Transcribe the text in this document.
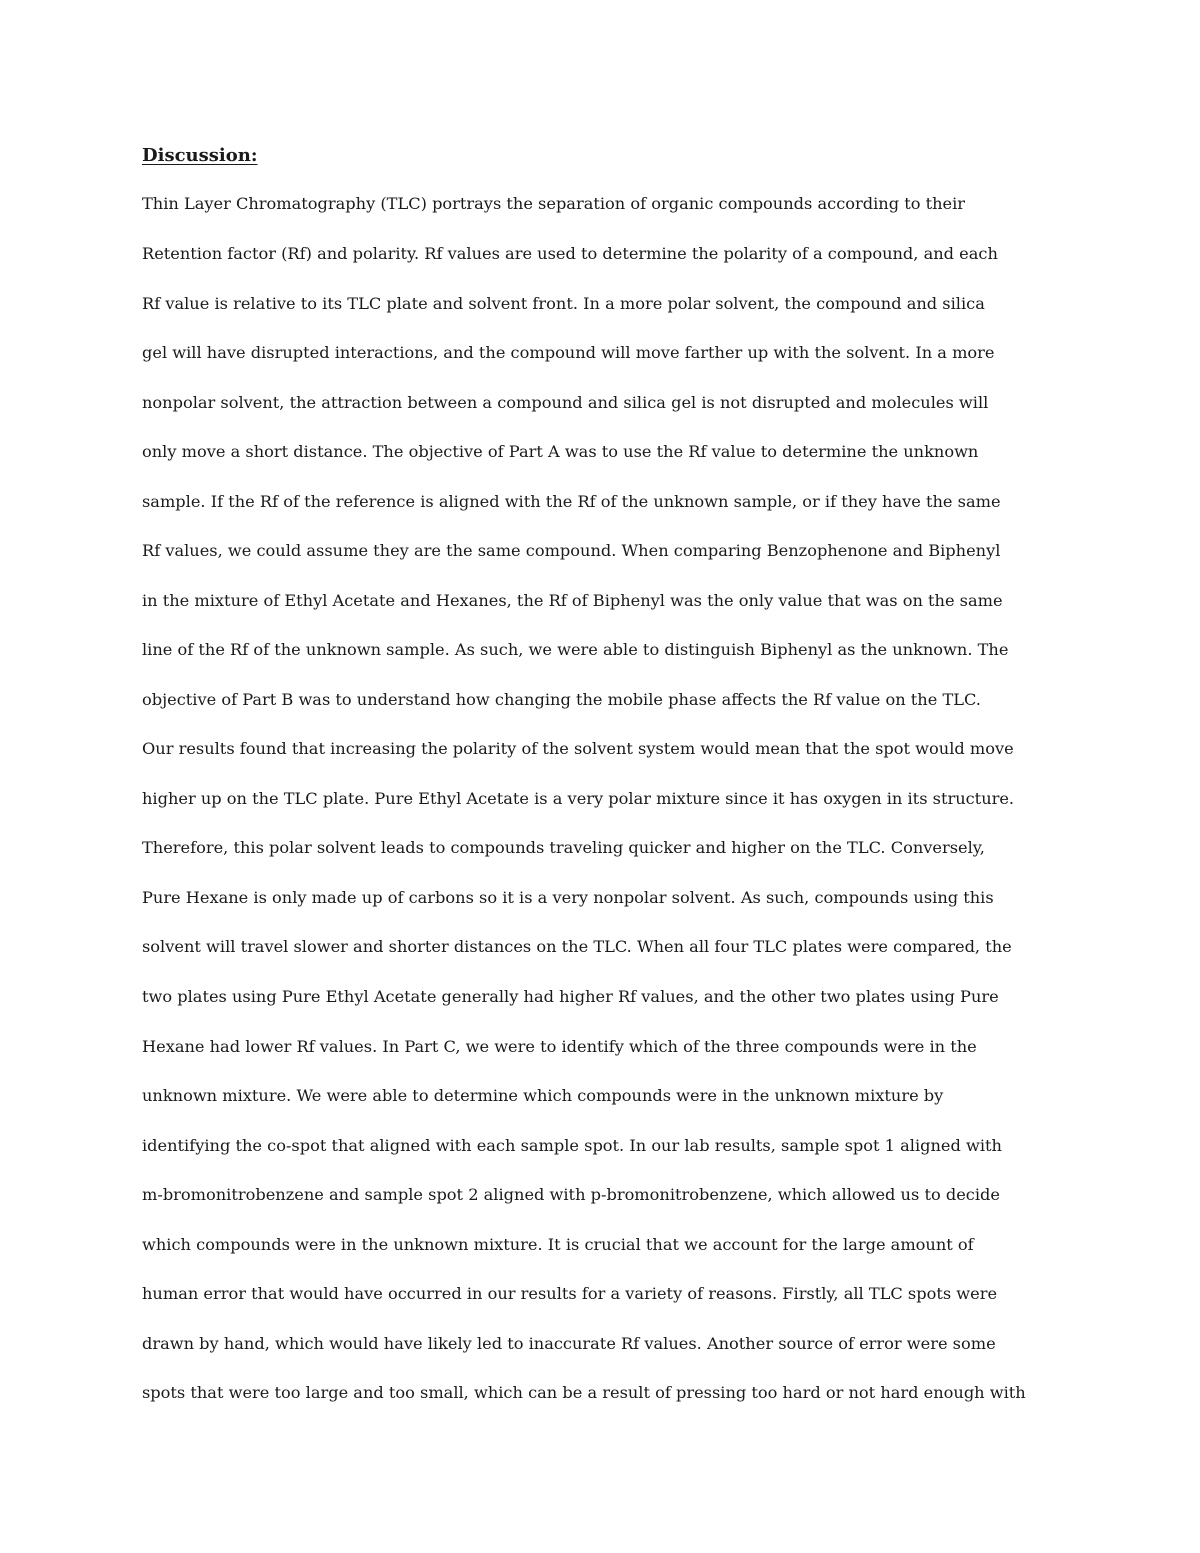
Discussion:
Thin Layer Chromatography (TLC) portrays the separation of organic compounds according to their
Retention factor (Rf) and polarity. Rf values are used to determine the polarity of a compound, and each
Rf value is relative to its TLC plate and solvent front. In a more polar solvent, the compound and silica
gel will have disrupted interactions, and the compound will move farther up with the solvent. In a more
nonpolar solvent, the attraction between a compound and silica gel is not disrupted and molecules will
only move a short distance. The objective of Part A was to use the Rf value to determine the unknown
sample. If the Rf of the reference is aligned with the Rf of the unknown sample, or if they have the same
Rf values, we could assume they are the same compound. When comparing Benzophenone and Biphenyl
in the mixture of Ethyl Acetate and Hexanes, the Rf of Biphenyl was the only value that was on the same
line of the Rf of the unknown sample. As such, we were able to distinguish Biphenyl as the unknown. The
objective of Part B was to understand how changing the mobile phase affects the Rf value on the TLC.
Our results found that increasing the polarity of the solvent system would mean that the spot would move
higher up on the TLC plate. Pure Ethyl Acetate is a very polar mixture since it has oxygen in its structure.
Therefore, this polar solvent leads to compounds traveling quicker and higher on the TLC. Conversely,
Pure Hexane is only made up of carbons so it is a very nonpolar solvent. As such, compounds using this
solvent will travel slower and shorter distances on the TLC. When all four TLC plates were compared, the
two plates using Pure Ethyl Acetate generally had higher Rf values, and the other two plates using Pure
Hexane had lower Rf values. In Part C, we were to identify which of the three compounds were in the
unknown mixture. We were able to determine which compounds were in the unknown mixture by
identifying the co-spot that aligned with each sample spot. In our lab results, sample spot 1 aligned with
m-bromonitrobenzene and sample spot 2 aligned with p-bromonitrobenzene, which allowed us to decide
which compounds were in the unknown mixture. It is crucial that we account for the large amount of
human error that would have occurred in our results for a variety of reasons. Firstly, all TLC spots were
drawn by hand, which would have likely led to inaccurate Rf values. Another source of error were some
spots that were too large and too small, which can be a result of pressing too hard or not hard enough with
